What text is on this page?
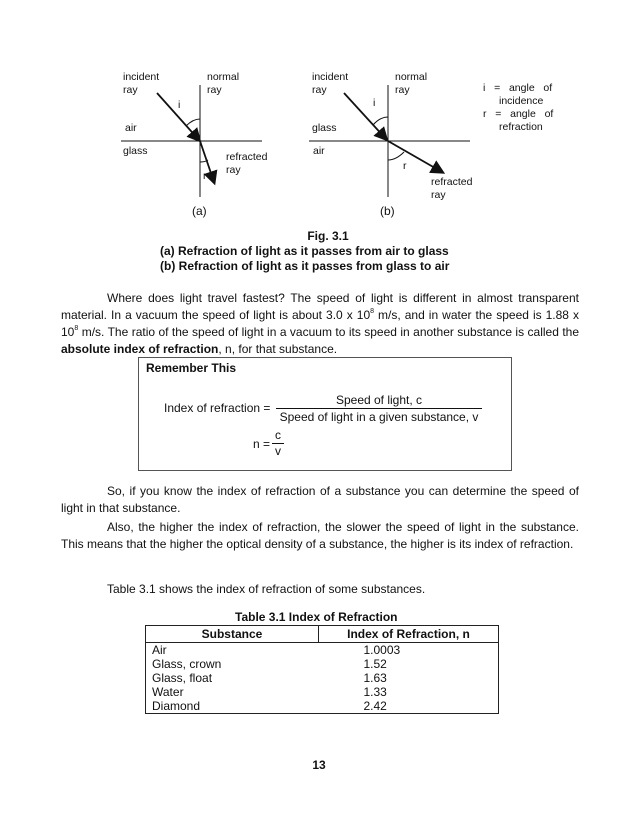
incident
ray
normal
ray
i
air
glass	refracted
ray
r
(a)
incident
ray
normal
ray
i
glass
air
r
refracted
ray
(b)
i   =   angle   of
incidence
r   =   angle   of
refraction
Fig. 3.1
(a) Refraction of light as it passes from air to glass
(b) Refraction of light as it passes from glass to air
Where does light travel fastest? The speed of light is different in almost transparent material. In a vacuum the speed of light is about 3.0 x $10^8$ m/s, and in water the speed is 1.88 x $10^8$ m/s. The ratio of the speed of light in a vacuum to its speed in another substance is called the absolute index of refraction, n, for that substance.
Remember This
Index of refraction =
Speed of light, c
Speed of light in a given substance, v
n =
c
v
So, if you know the index of refraction of a substance you can determine the speed of light in that substance.
Also, the higher the index of refraction, the slower the speed of light in the substance. This means that the higher the optical density of a substance, the higher is its index of refraction.
Table 3.1 shows the index of refraction of some substances.
Table 3.1 Index of Refraction
Substance	Index of Refraction, n
Air	1.0003
Glass, crown	1.52
Glass, float	1.63
Water	1.33
Diamond	2.42
13
